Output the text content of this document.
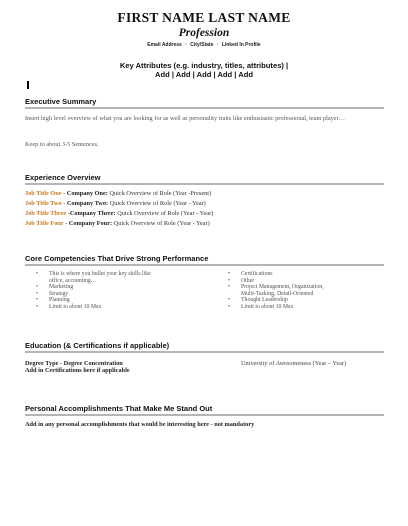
FIRST NAME LAST NAME
Profession
Email Address · City/State · Linked In Profile
Key Attributes (e.g. industry, titles, attributes) |
Add | Add | Add | Add | Add
Executive Summary
Insert high level overview of what you are looking for as well as personality traits like enthusiastic professional, team player…
Keep to about 3-5 Sentences.
Experience Overview
Job Title One - Company One: Quick Overview of Role (Year -Present)
Job Title Two - Company Two: Quick Overview of Role (Year - Year)
Job Title Three -Company Three: Quick Overview of Role (Year - Year)
Job Title Four - Company Four: Quick Overview of Role (Year - Year)
Core Competencies That Drive Strong Performance
• This is where you bullet your key skills like
office, accounting…
• Marketing
• Strategy
• Planning
• Limit to about 10 Max
• Certifications
• Other
• Project Management, Organization,
Multi-Tasking, Detail-Oriented
• Thought Leadership
• Limit to about 10 Max
Education (& Certifications if applicable)
Degree Type - Degree Concentration	University of Awesomeness (Year – Year)
Add in Certifications here if applicable
Personal Accomplishments That Make Me Stand Out
Add in any personal accomplishments that would be interesting here - not mandatory
